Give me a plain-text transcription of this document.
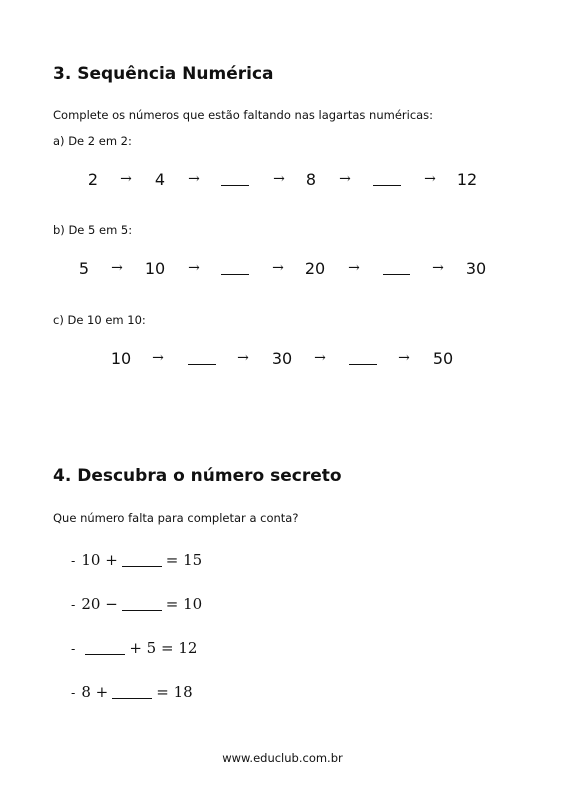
3. Sequência Numérica
Complete os números que estão faltando nas lagartas numéricas:
a) De 2 em 2:
2 → 4 →	→ 8 →	→ 12
b) De 5 em 5:
5 → 10 →	→ 20 →	→ 30
c) De 10 em 10:
10 →	→ 30 →	→ 50
4. Descubra o número secreto
Que número falta para completar a conta?
- 10 +	= 15
- 20 −	= 10
-	+ 5 = 12
- 8 +	= 18
www.educlub.com.br
